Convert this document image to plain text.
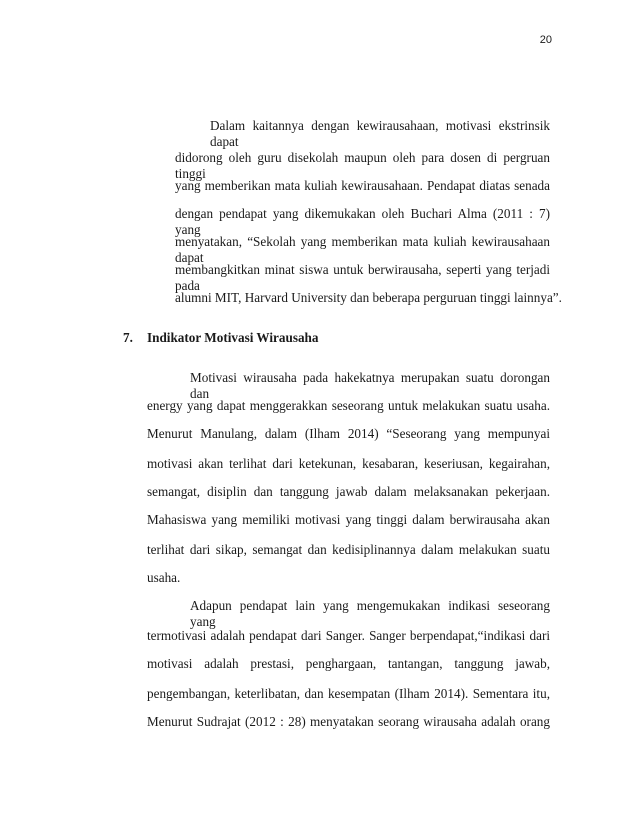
20
Dalam kaitannya dengan kewirausahaan, motivasi ekstrinsik dapat
didorong oleh guru disekolah maupun oleh para dosen di pergruan tinggi
yang memberikan mata kuliah kewirausahaan. Pendapat diatas senada
dengan pendapat yang dikemukakan oleh Buchari Alma (2011 : 7) yang
menyatakan, “Sekolah yang memberikan mata kuliah kewirausahaan dapat
membangkitkan minat siswa untuk berwirausaha, seperti yang terjadi pada
alumni MIT, Harvard University dan beberapa perguruan tinggi lainnya”.
7. Indikator Motivasi Wirausaha
Motivasi wirausaha pada hakekatnya merupakan suatu dorongan dan
energy yang dapat menggerakkan seseorang untuk melakukan suatu usaha.
Menurut Manulang, dalam (Ilham 2014) “Seseorang yang mempunyai
motivasi akan terlihat dari ketekunan, kesabaran, keseriusan, kegairahan,
semangat, disiplin dan tanggung jawab dalam melaksanakan pekerjaan.
Mahasiswa yang memiliki motivasi yang tinggi dalam berwirausaha akan
terlihat dari sikap, semangat dan kedisiplinannya dalam melakukan suatu
usaha.
Adapun pendapat lain yang mengemukakan indikasi seseorang yang
termotivasi adalah pendapat dari Sanger. Sanger berpendapat,“indikasi dari
motivasi adalah prestasi, penghargaan, tantangan, tanggung jawab,
pengembangan, keterlibatan, dan kesempatan (Ilham 2014). Sementara itu,
Menurut Sudrajat (2012 : 28) menyatakan seorang wirausaha adalah orang
